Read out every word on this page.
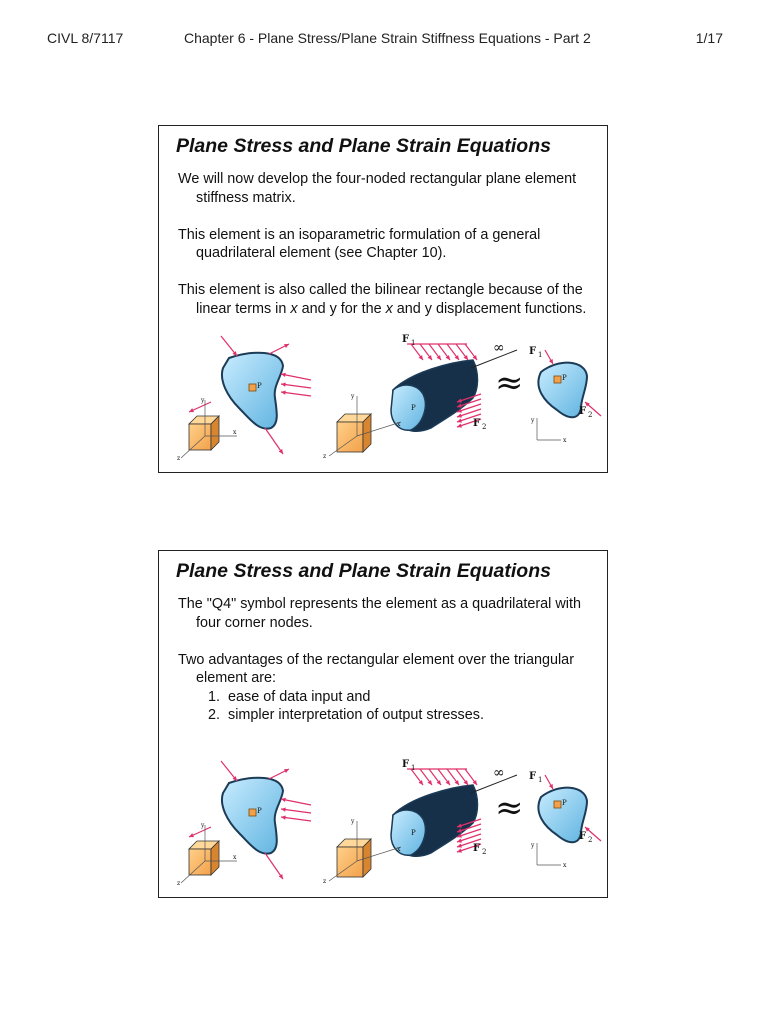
CIVL 8/7117	Chapter 6 - Plane Stress/Plane Strain Stiffness Equations - Part 2	1/17
Plane Stress and Plane Strain Equations

We will now develop the four-noded rectangular plane element stiffness matrix.

This element is an isoparametric formulation of a general quadrilateral element (see Chapter 10).

This element is also called the bilinear rectangle because of the linear terms in x and y for the x and y displacement functions.

P
y
x
z
P
F 1
F 2
∞
y
x
z
≈	P
F 1
F 2
y
x
Plane Stress and Plane Strain Equations

The "Q4" symbol represents the element as a quadrilateral with four corner nodes.

Two advantages of the rectangular element over the triangular element are:

1. ease of data input and
2. simpler interpretation of output stresses.
P
y
x
z
P
F 1
F 2
∞
y
x
z
≈	P
F 1
F 2
y
x
